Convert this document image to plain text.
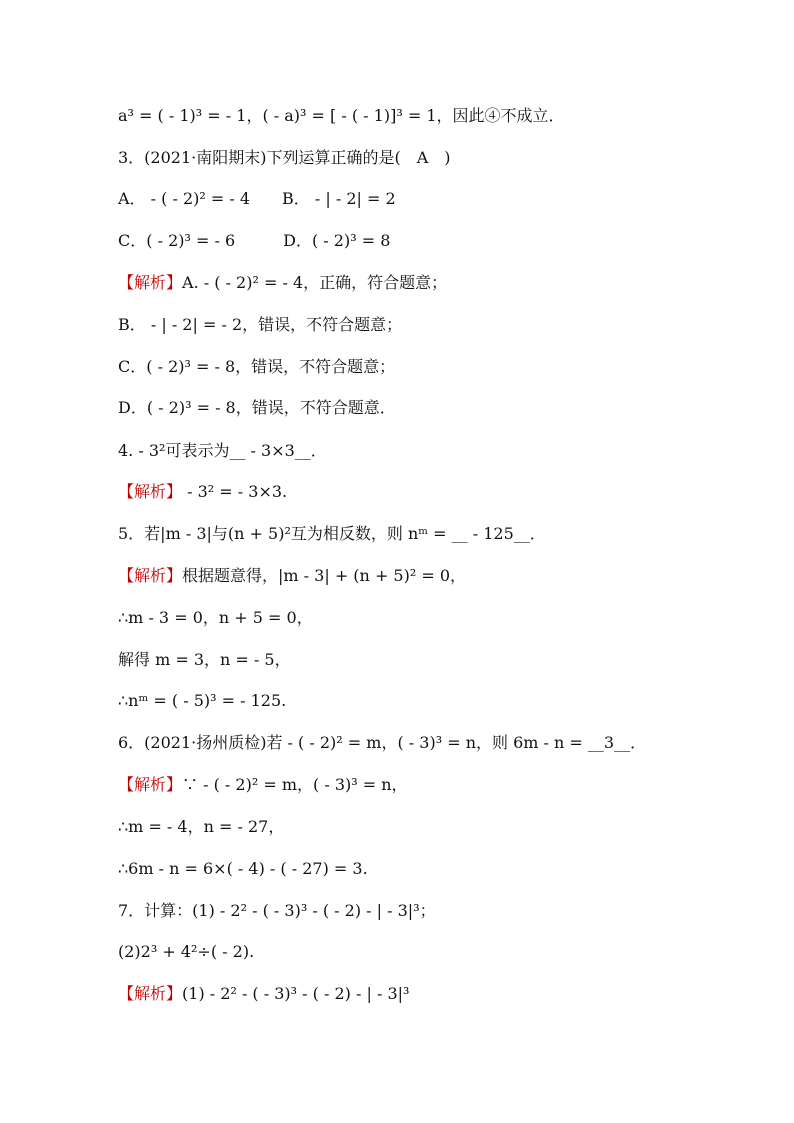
a³ = ( - 1)³ = - 1，( - a)³ = [ - ( - 1)]³ = 1，因此④不成立．
3．(2021·南阳期末)下列运算正确的是(　A　)
A． - ( - 2)² = - 4　　B． - | - 2| = 2
C．( - 2)³ = - 6　　　D．( - 2)³ = 8
【解析】A. - ( - 2)² = - 4，正确，符合题意；
B． - | - 2| = - 2，错误，不符合题意；
C．( - 2)³ = - 8，错误，不符合题意；
D．( - 2)³ = - 8，错误，不符合题意．
4. - 3²可表示为__ - 3×3__．
【解析】 - 3² = - 3×3.
5．若|m - 3|与(n + 5)²互为相反数，则 nᵐ = __ - 125__．
【解析】根据题意得，|m - 3| + (n + 5)² = 0，
∴m - 3 = 0，n + 5 = 0，
解得 m = 3，n = - 5，
∴nᵐ = ( - 5)³ = - 125.
6．(2021·扬州质检)若 - ( - 2)² = m，( - 3)³ = n，则 6m - n = __3__．
【解析】∵ - ( - 2)² = m，( - 3)³ = n，
∴m = - 4，n = - 27，
∴6m - n = 6×( - 4) - ( - 27) = 3.
7．计算：(1) - 2² - ( - 3)³ - ( - 2) - | - 3|³；
(2)2³ + 4²÷( - 2).
【解析】(1) - 2² - ( - 3)³ - ( - 2) - | - 3|³
